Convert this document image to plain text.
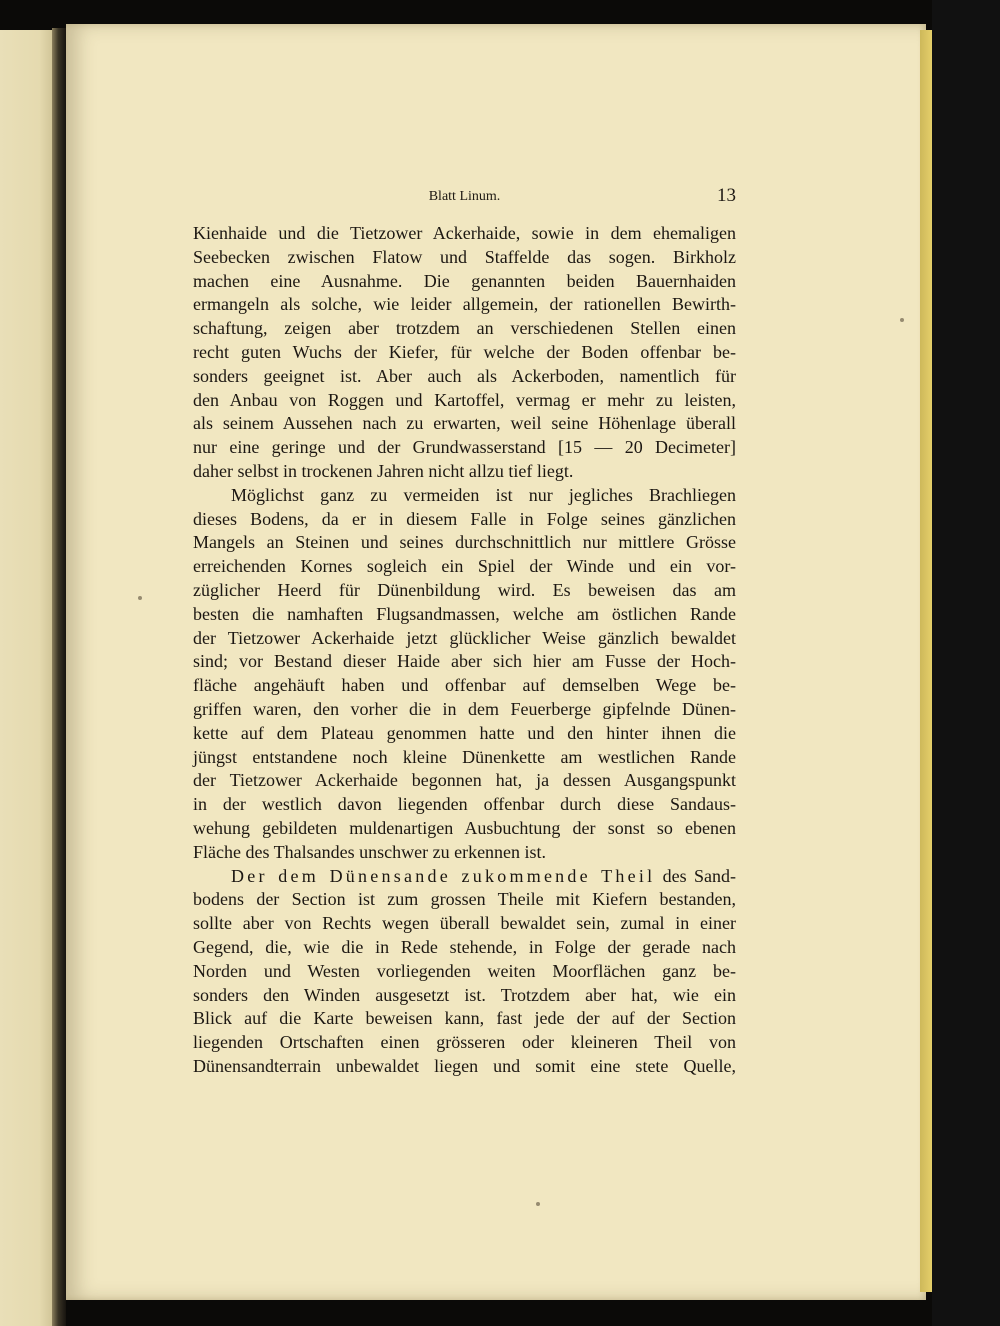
Blatt Linum.	13
Kienhaide und die Tietzower Ackerhaide, sowie in dem ehemaligen
Seebecken zwischen Flatow und Staffelde das sogen. Birkholz
machen eine Ausnahme. Die genannten beiden Bauernhaiden
ermangeln als solche, wie leider allgemein, der rationellen Bewirth-
schaftung, zeigen aber trotzdem an verschiedenen Stellen einen
recht guten Wuchs der Kiefer, für welche der Boden offenbar be-
sonders geeignet ist. Aber auch als Ackerboden, namentlich für
den Anbau von Roggen und Kartoffel, vermag er mehr zu leisten,
als seinem Aussehen nach zu erwarten, weil seine Höhenlage überall
nur eine geringe und der Grundwasserstand [15 — 20 Decimeter]
daher selbst in trockenen Jahren nicht allzu tief liegt.
Möglichst ganz zu vermeiden ist nur jegliches Brachliegen
dieses Bodens, da er in diesem Falle in Folge seines gänzlichen
Mangels an Steinen und seines durchschnittlich nur mittlere Grösse
erreichenden Kornes sogleich ein Spiel der Winde und ein vor-
züglicher Heerd für Dünenbildung wird. Es beweisen das am
besten die namhaften Flugsandmassen, welche am östlichen Rande
der Tietzower Ackerhaide jetzt glücklicher Weise gänzlich bewaldet
sind; vor Bestand dieser Haide aber sich hier am Fusse der Hoch-
fläche angehäuft haben und offenbar auf demselben Wege be-
griffen waren, den vorher die in dem Feuerberge gipfelnde Dünen-
kette auf dem Plateau genommen hatte und den hinter ihnen die
jüngst entstandene noch kleine Dünenkette am westlichen Rande
der Tietzower Ackerhaide begonnen hat, ja dessen Ausgangspunkt
in der westlich davon liegenden offenbar durch diese Sandaus-
wehung gebildeten muldenartigen Ausbuchtung der sonst so ebenen
Fläche des Thalsandes unschwer zu erkennen ist.
Der dem Dünensande zukommende Theil des Sand-
bodens der Section ist zum grossen Theile mit Kiefern bestanden,
sollte aber von Rechts wegen überall bewaldet sein, zumal in einer
Gegend, die, wie die in Rede stehende, in Folge der gerade nach
Norden und Westen vorliegenden weiten Moorflächen ganz be-
sonders den Winden ausgesetzt ist. Trotzdem aber hat, wie ein
Blick auf die Karte beweisen kann, fast jede der auf der Section
liegenden Ortschaften einen grösseren oder kleineren Theil von
Dünensandterrain unbewaldet liegen und somit eine stete Quelle,
